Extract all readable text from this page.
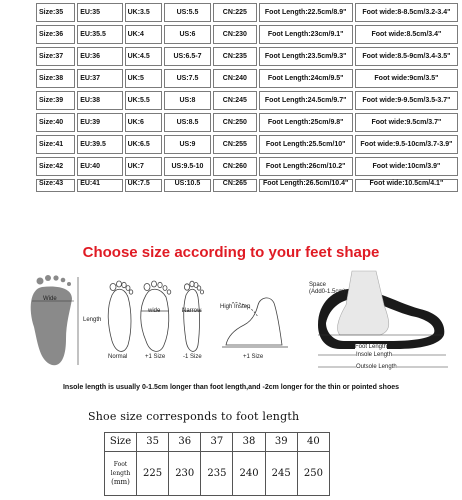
Size:35	EU:35	UK:3.5	US:5.5	CN:225	Foot Length:22.5cm/8.9"	Foot wide:8-8.5cm/3.2-3.4"
Size:36	EU:35.5	UK:4	US:6	CN:230	Foot Length:23cm/9.1"	Foot wide:8.5cm/3.4"
Size:37	EU:36	UK:4.5	US:6.5-7	CN:235	Foot Length:23.5cm/9.3"	Foot wide:8.5-9cm/3.4-3.5"
Size:38	EU:37	UK:5	US:7.5	CN:240	Foot Length:24cm/9.5"	Foot wide:9cm/3.5"
Size:39	EU:38	UK:5.5	US:8	CN:245	Foot Length:24.5cm/9.7"	Foot wide:9-9.5cm/3.5-3.7"
Size:40	EU:39	UK:6	US:8.5	CN:250	Foot Length:25cm/9.8"	Foot wide:9.5cm/3.7"
Size:41	EU:39.5	UK:6.5	US:9	CN:255	Foot Length:25.5cm/10"	Foot wide:9.5-10cm/3.7-3.9"
Size:42	EU:40	UK:7	US:9.5-10	CN:260	Foot Length:26cm/10.2"	Foot wide:10cm/3.9"
Size:43	EU:41	UK:7.5	US:10.5	CN:265	Foot Length:26.5cm/10.4"	Foot wide:10.5cm/4.1"
Choose size according to your feet shape
Wide
Length
wide	Narrow
Normal	+1 Size	-1 Size
High Instep
+1 Size
Space
(Add0-1.5cm)
Foot Length
Insole Length
Outsole Length
Insole length is usually 0-1.5cm longer than foot length,and -2cm longer for the thin or pointed shoes
Shoe size corresponds to foot length
Size	35	36	37	38	39	40

Foot length
(mm)	225	230	235	240	245	250
